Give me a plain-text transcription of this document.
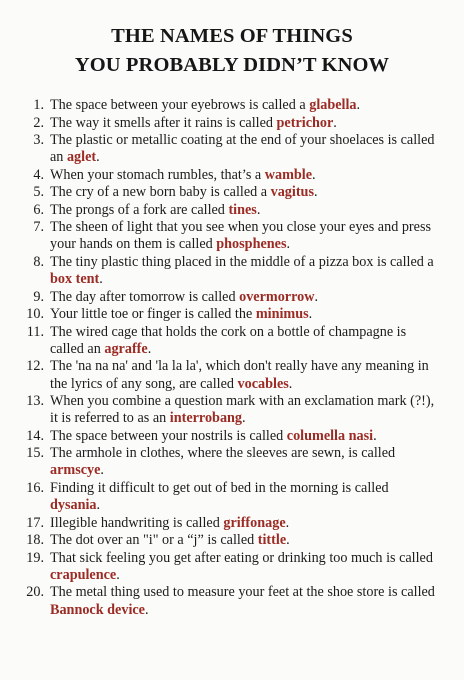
THE NAMES OF THINGS
YOU PROBABLY DIDN’T KNOW
1 . The space between your eyebrows is called a glabella.
2 . The way it smells after it rains is called petrichor.
3 . The plastic or metallic coating at the end of your shoelaces is called an aglet.
4 . When your stomach rumbles, that’s a wamble.
5 . The cry of a new born baby is called a vagitus.
6 . The prongs of a fork are called tines.
7 . The sheen of light that you see when you close your eyes and press your hands on them is called phosphenes.
8 . The tiny plastic thing placed in the middle of a pizza box is called a box tent.
9 . The day after tomorrow is called overmorrow.
10 . Your little toe or finger is called the minimus.
11 . The wired cage that holds the cork on a bottle of champagne is called an agraffe.
12 . The 'na na na' and 'la la la', which don't really have any meaning in the lyrics of any song, are called vocables.
13 . When you combine a question mark with an exclamation mark (?!), it is referred to as an interrobang.
14 . The space between your nostrils is called columella nasi.
15 . The armhole in clothes, where the sleeves are sewn, is called armscye.
16 . Finding it difficult to get out of bed in the morning is called dysania.
17 . Illegible handwriting is called griffonage.
18 . The dot over an "i" or a “j” is called tittle.
19 . That sick feeling you get after eating or drinking too much is called crapulence.
20 . The metal thing used to measure your feet at the shoe store is called Bannock device.
